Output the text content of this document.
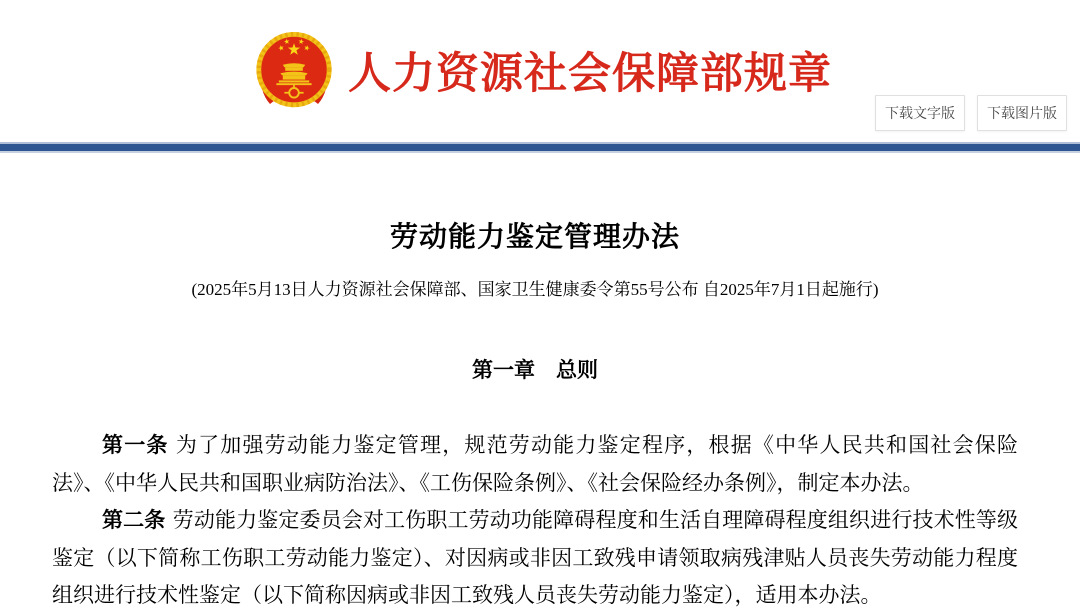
人力资源社会保障部规章
下载文字版	下载图片版
劳动能力鉴定管理办法

(2025年5月13日人力资源社会保障部、国家卫生健康委令第55号公布 自2025年7月1日起施行)

第一章　总则

第一条 为了加强劳动能力鉴定管理，规范劳动能力鉴定程序，根据《中华人民共和国社会保险法》、《中华人民共和国职业病防治法》、《工伤保险条例》、《社会保险经办条例》，制定本办法。

第二条 劳动能力鉴定委员会对工伤职工劳动功能障碍程度和生活自理障碍程度组织进行技术性等级鉴定（以下简称工伤职工劳动能力鉴定）、对因病或非因工致残申请领取病残津贴人员丧失劳动能力程度组织进行技术性鉴定（以下简称因病或非因工致残人员丧失劳动能力鉴定），适用本办法。
